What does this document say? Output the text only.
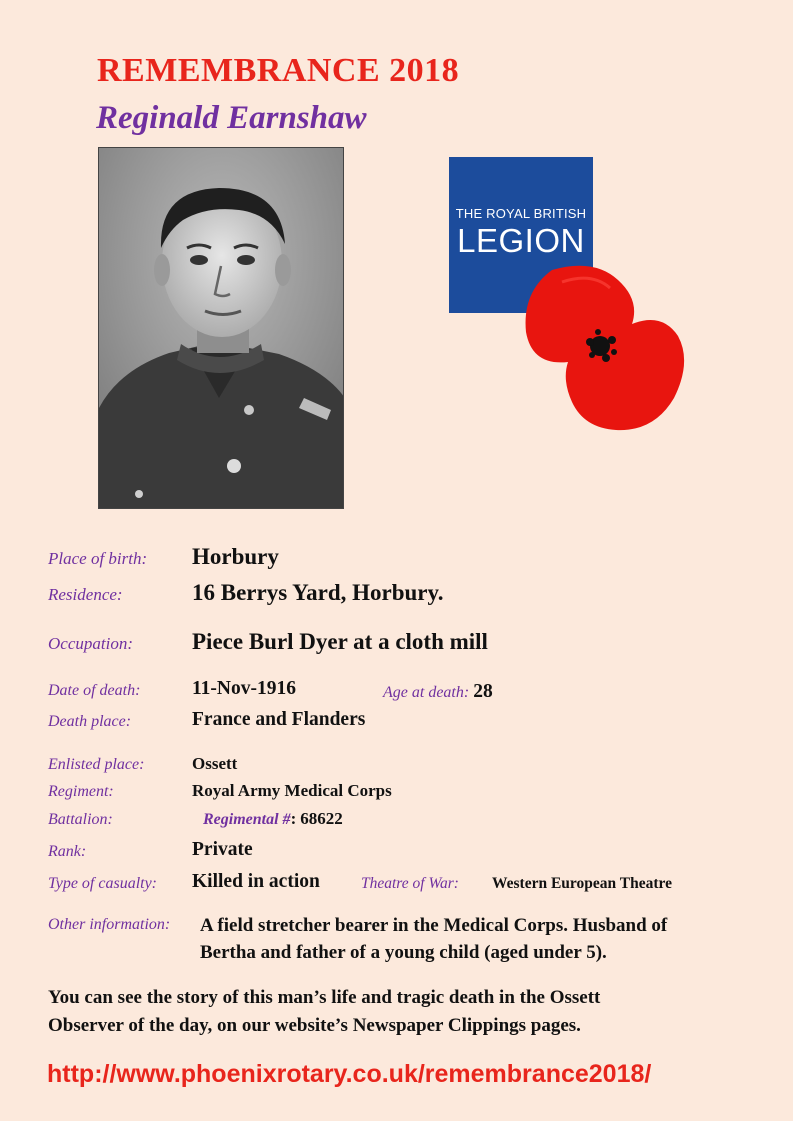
REMEMBRANCE 2018
Reginald Earnshaw
THE ROYAL BRITISH
LEGION
Place of birth: Horbury
Residence:	16 Berrys Yard, Horbury.
Occupation:	Piece Burl Dyer at a cloth mill
Date of death:	11-Nov-1916	Age at death: 28
Death place:	France and Flanders
Enlisted place:	Ossett
Regiment:	Royal Army Medical Corps
Battalion:	Regimental #: 68622
Rank:	Private
Type of casualty: Killed in action	Theatre of War: Western European Theatre
Other information: A field stretcher bearer in the Medical Corps. Husband of
Bertha and father of a young child (aged under 5).
You can see the story of this man’s life and tragic death in the Ossett
Observer of the day, on our website’s Newspaper Clippings pages.
http://www.phoenixrotary.co.uk/remembrance2018/
